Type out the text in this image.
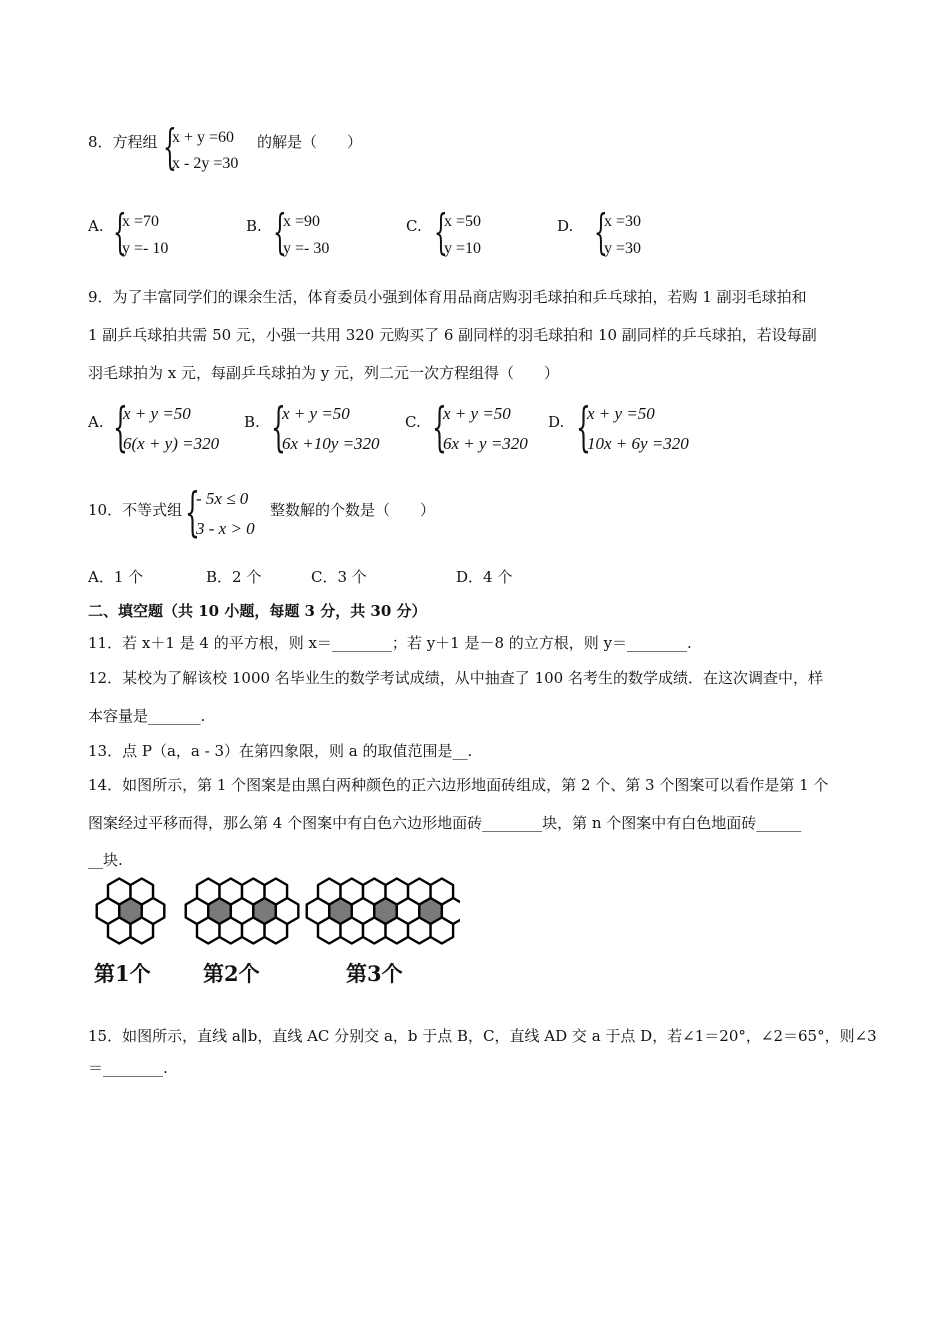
8．方程组 {
x + y =60
x - 2y =30
的解是（　　）
A. {
x =70
y =- 10
B. {
x =90
y =- 30
C. {
x =50
y =10
D. {
x =30
y =30
9．为了丰富同学们的课余生活，体育委员小强到体育用品商店购羽毛球拍和乒乓球拍，若购 1 副羽毛球拍和
1 副乒乓球拍共需 50 元，小强一共用 320 元购买了 6 副同样的羽毛球拍和 10 副同样的乒乓球拍，若设每副
羽毛球拍为 x 元，每副乒乓球拍为 y 元，列二元一次方程组得（　　）
A. {
x + y =50
6(x + y) =320
B. {
x + y =50
6x +10y =320
C. {
x + y =50
6x + y =320
D. {
x + y =50
10x + 6y =320
10．不等式组 {
- 5x ≤ 0
3 - x > 0
整数解的个数是（　　）
A．1 个	B．2 个	C．3 个	D．4 个
二、填空题（共 10 小题，每题 3 分，共 30 分）
11．若 x＋1 是 4 的平方根，则 x＝________；若 y＋1 是－8 的立方根，则 y＝________.
12．某校为了解该校 1000 名毕业生的数学考试成绩，从中抽查了 100 名考生的数学成绩．在这次调查中，样
本容量是_______.
13．点 P（a，a - 3）在第四象限，则 a 的取值范围是__.
14．如图所示，第 1 个图案是由黑白两种颜色的正六边形地面砖组成，第 2 个、第 3 个图案可以看作是第 1 个
图案经过平移而得，那么第 4 个图案中有白色六边形地面砖________块，第 n 个图案中有白色地面砖______
__块.
第1个 第2个	第3个
15．如图所示，直线 a∥b，直线 AC 分别交 a，b 于点 B，C，直线 AD 交 a 于点 D，若∠1＝20°，∠2＝65°，则∠3
＝________.
